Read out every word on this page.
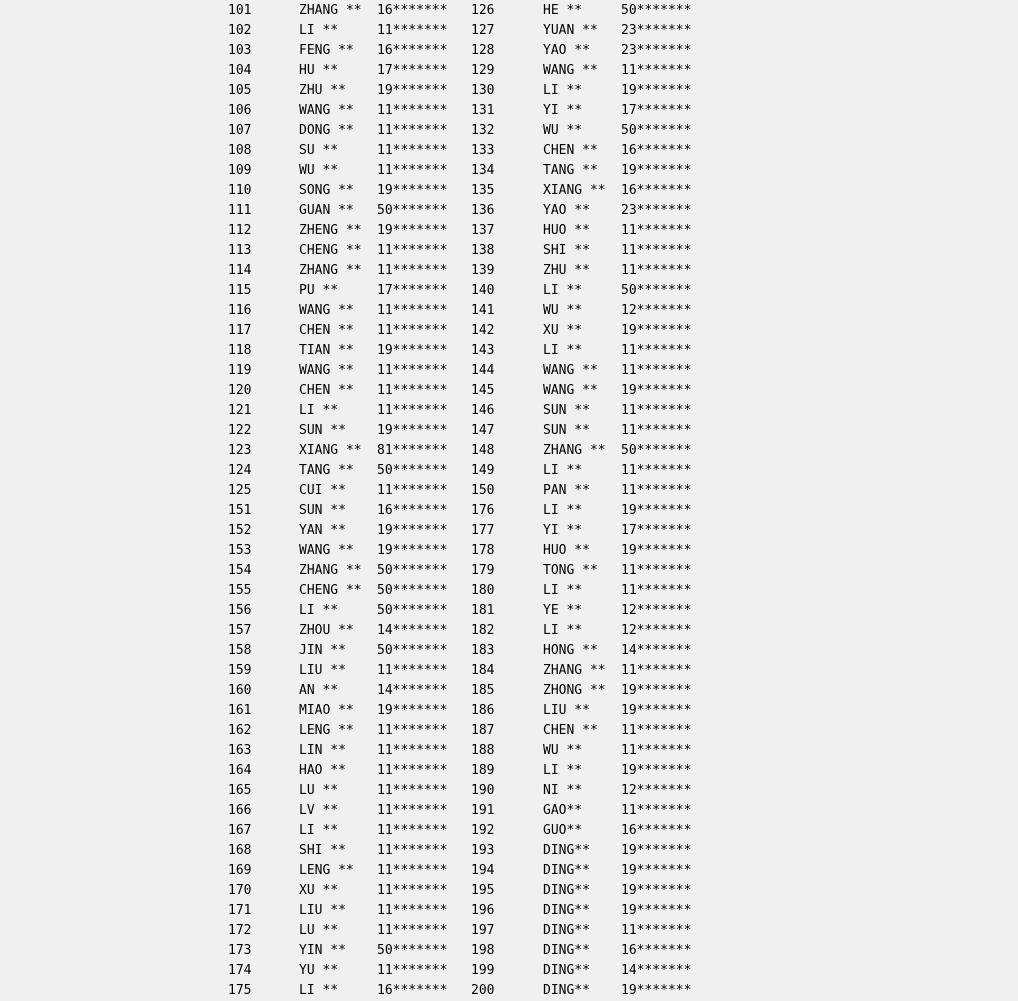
101	ZHANG ** 16******* 126	HE **	50*******
102	LI **	11******* 127	YUAN ** 23*******
103	FENG ** 16******* 128	YAO ** 23*******
104	HU **	17******* 129	WANG ** 11*******
105	ZHU ** 19******* 130	LI **	19*******
106	WANG ** 11******* 131	YI **	17*******
107	DONG ** 11******* 132	WU **	50*******
108	SU **	11******* 133	CHEN ** 16*******
109	WU **	11******* 134	TANG ** 19*******
110	SONG ** 19******* 135	XIANG ** 16*******
111	GUAN ** 50******* 136	YAO ** 23*******
112	ZHENG ** 19******* 137	HUO ** 11*******
113	CHENG ** 11******* 138	SHI ** 11*******
114	ZHANG ** 11******* 139	ZHU ** 11*******
115	PU **	17******* 140	LI **	50*******
116	WANG ** 11******* 141	WU **	12*******
117	CHEN ** 11******* 142	XU **	19*******
118	TIAN ** 19******* 143	LI **	11*******
119	WANG ** 11******* 144	WANG ** 11*******
120	CHEN ** 11******* 145	WANG ** 19*******
121	LI **	11******* 146	SUN ** 11*******
122	SUN ** 19******* 147	SUN ** 11*******
123	XIANG ** 81******* 148	ZHANG ** 50*******
124	TANG ** 50******* 149	LI **	11*******
125	CUI ** 11******* 150	PAN ** 11*******
151	SUN ** 16******* 176	LI **	19*******
152	YAN ** 19******* 177	YI **	17*******
153	WANG ** 19******* 178	HUO ** 19*******
154	ZHANG ** 50******* 179	TONG ** 11*******
155	CHENG ** 50******* 180	LI **	11*******
156	LI **	50******* 181	YE **	12*******
157	ZHOU ** 14******* 182	LI **	12*******
158	JIN ** 50******* 183	HONG ** 14*******
159	LIU ** 11******* 184	ZHANG ** 11*******
160	AN **	14******* 185	ZHONG ** 19*******
161	MIAO ** 19******* 186	LIU ** 19*******
162	LENG ** 11******* 187	CHEN ** 11*******
163	LIN ** 11******* 188	WU **	11*******
164	HAO ** 11******* 189	LI **	19*******
165	LU **	11******* 190	NI **	12*******
166	LV **	11******* 191	GAO**	11*******
167	LI **	11******* 192	GUO**	16*******
168	SHI ** 11******* 193	DING** 19*******
169	LENG ** 11******* 194	DING** 19*******
170	XU **	11******* 195	DING** 19*******
171	LIU ** 11******* 196	DING** 19*******
172	LU **	11******* 197	DING** 11*******
173	YIN ** 50******* 198	DING** 16*******
174	YU **	11******* 199	DING** 14*******
175	LI **	16******* 200	DING** 19*******
